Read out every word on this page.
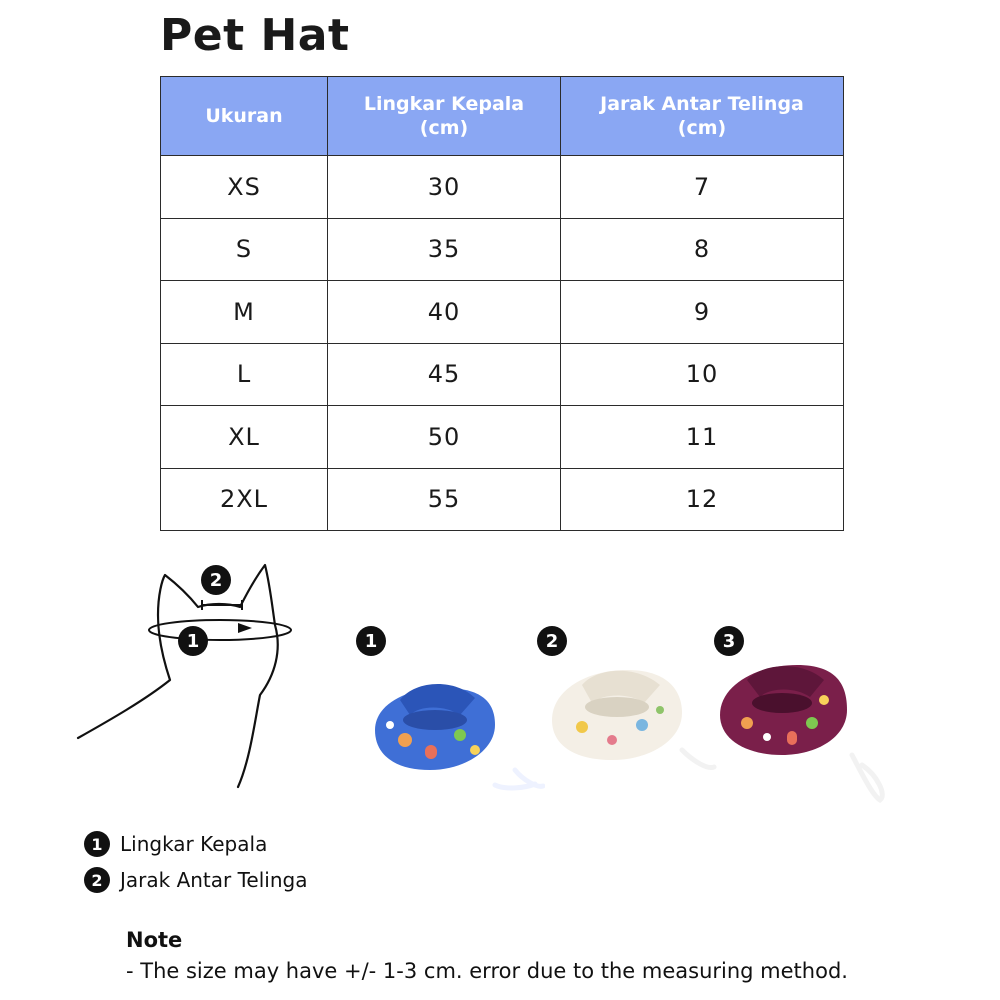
Pet Hat
Ukuran	Lingkar Kepala (cm)	Jarak Antar Telinga (cm)
XS	30	7
S	35	8
M	40	9
L	45	10
XL	50	11
2XL	55	12
2
1	1	2	3
1 Lingkar Kepala
2 Jarak Antar Telinga
Note
- The size may have +/- 1-3 cm. error due to the measuring method.
